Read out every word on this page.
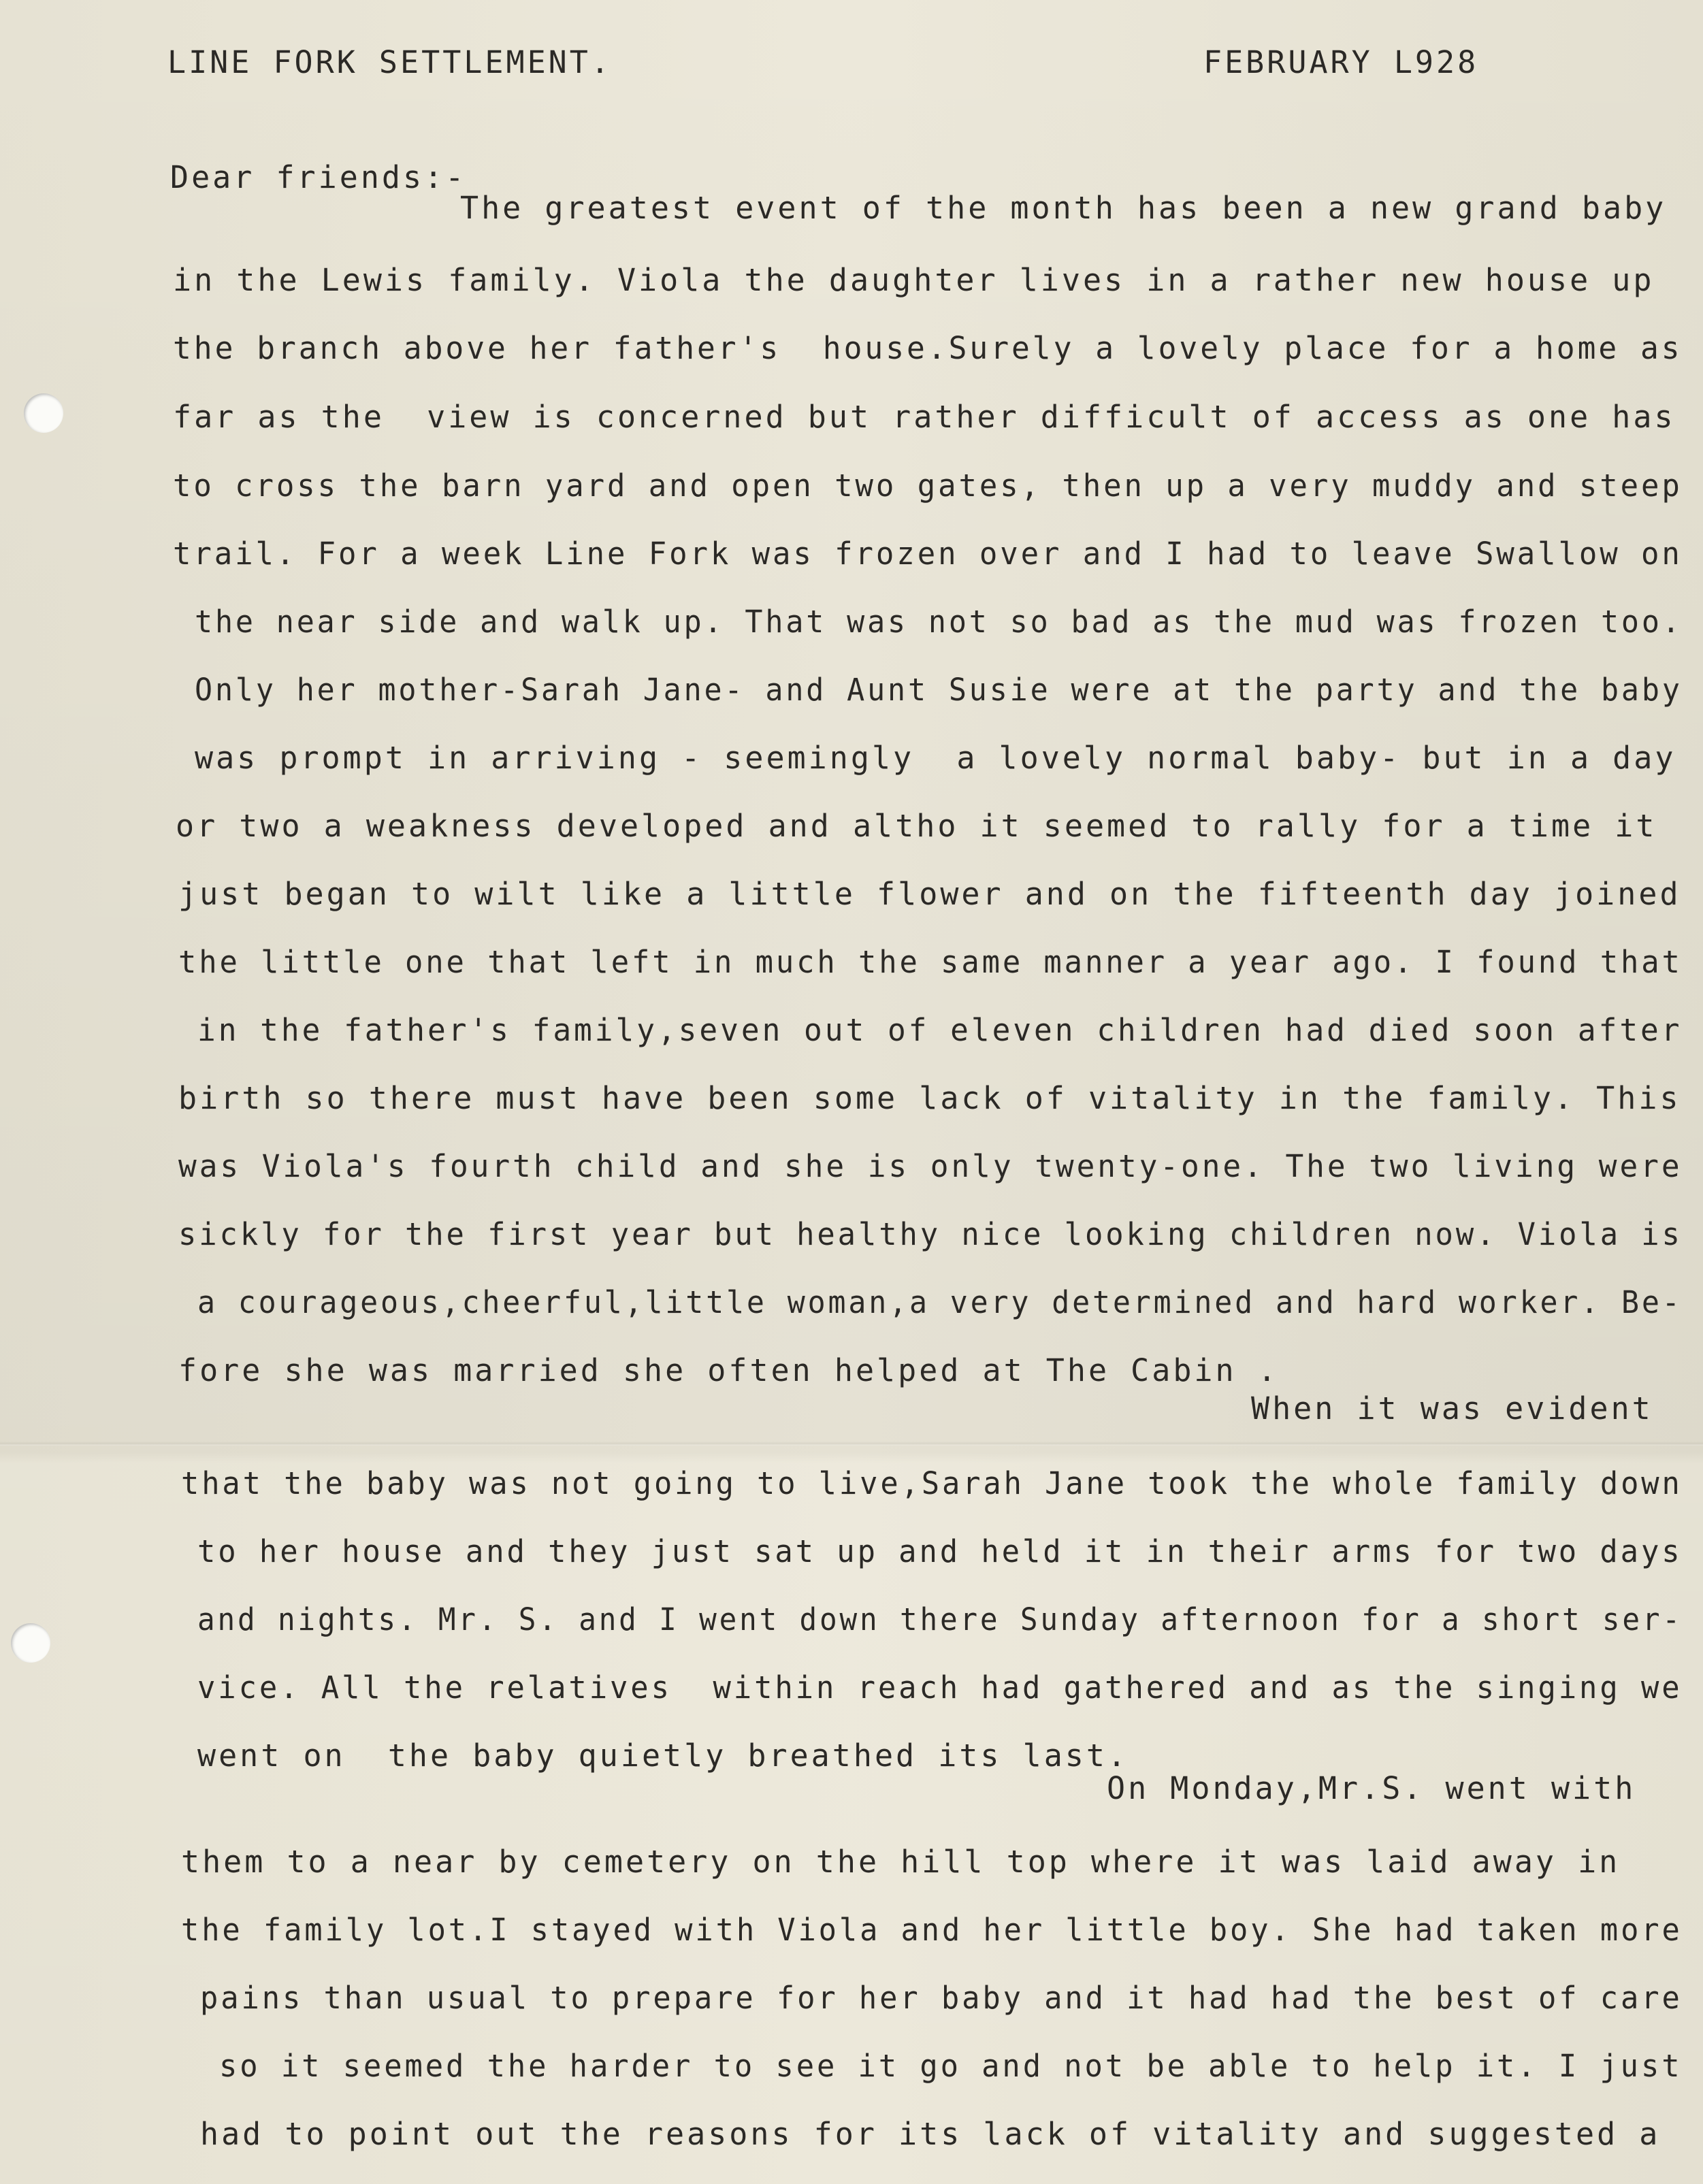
LINE FORK SETTLEMENT.	FEBRUARY L928
Dear friends:-
The greatest event of the month has been a new grand baby
in the Lewis family. Viola the daughter lives in a rather new house up
the branch above her father's  house.Surely a lovely place for a home as
far as the  view is concerned but rather difficult of access as one has
to cross the barn yard and open two gates, then up a very muddy and steep
trail. For a week Line Fork was frozen over and I had to leave Swallow on
the near side and walk up. That was not so bad as the mud was frozen too.
Only her mother-Sarah Jane- and Aunt Susie were at the party and the baby
was prompt in arriving - seemingly  a lovely normal baby- but in a day
or two a weakness developed and altho it seemed to rally for a time it
just began to wilt like a little flower and on the fifteenth day joined
the little one that left in much the same manner a year ago. I found that
in the father's family,seven out of eleven children had died soon after
birth so there must have been some lack of vitality in the family. This
was Viola's fourth child and she is only twenty-one. The two living were
sickly for the first year but healthy nice looking children now. Viola is
a courageous,cheerful,little woman,a very determined and hard worker. Be-
fore she was married she often helped at The Cabin .
When it was evident
that the baby was not going to live,Sarah Jane took the whole family down
to her house and they just sat up and held it in their arms for two days
and nights. Mr. S. and I went down there Sunday afternoon for a short ser-
vice. All the relatives  within reach had gathered and as the singing we
went on  the baby quietly breathed its last.
On Monday,Mr.S. went with
them to a near by cemetery on the hill top where it was laid away in
the family lot.I stayed with Viola and her little boy. She had taken more
pains than usual to prepare for her baby and it had had the best of care
so it seemed the harder to see it go and not be able to help it. I just
had to point out the reasons for its lack of vitality and suggested a
